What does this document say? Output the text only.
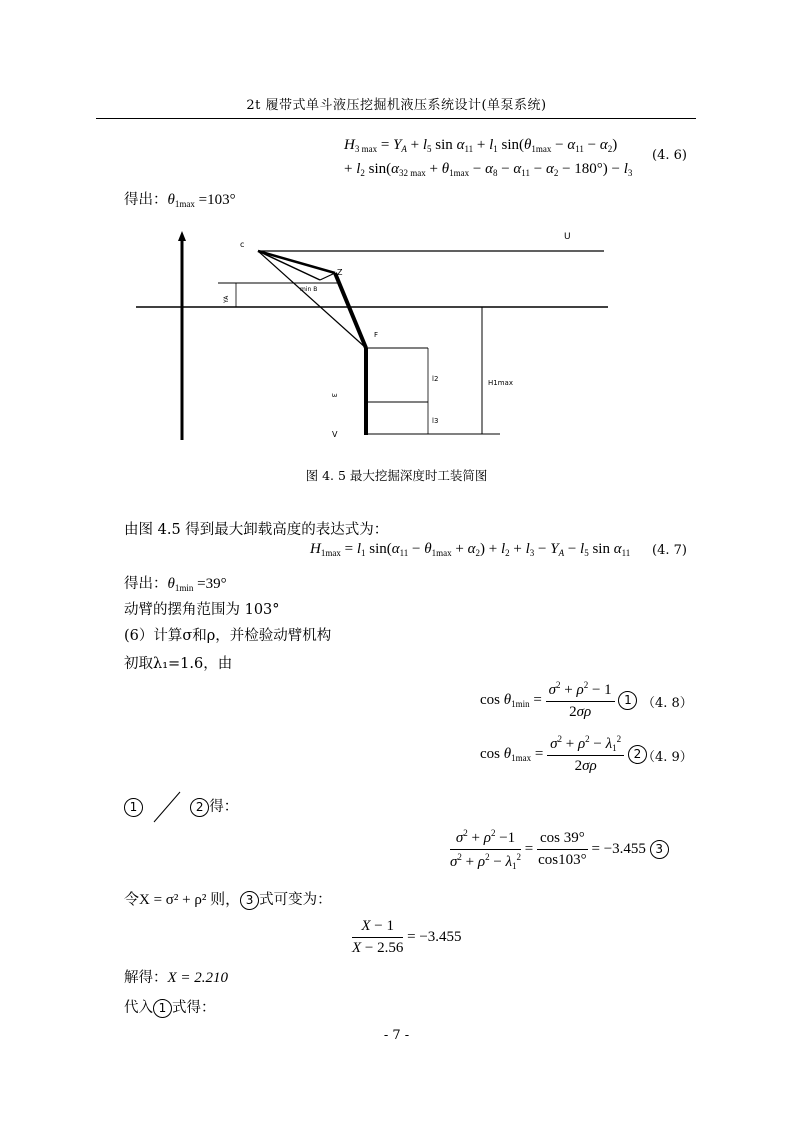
2t 履带式单斗液压挖掘机液压系统设计(单泵系统)
$H_{3 max} = Y_A + l_5$ $\sin \alpha_{11} + l_1$ $\sin(\theta_{1max} - \alpha_{11} - \alpha_2)$
+ $l_2$ $\sin(\alpha_{32 max} + \theta_{1max} - \alpha_8 - \alpha_{11} - \alpha_2 - 180^\circ) - l_3$
(4. 6)
得出：$\theta_{1max} =103^\circ$
c
U
Z
YA
min B
F
l2	H1max
3
l3
V
图 4. 5 最大挖掘深度时工装简图
由图 4.5 得到最大卸载高度的表达式为：
$H_{1max} = l_1$ $\sin(\alpha_{11} - \theta_{1max} + \alpha_2) + l_2 + l_3 - Y_A - l_5$ $\sin \alpha_{11}$ (4. 7)
得出：$\theta_{1min} =39^\circ$
动臂的摆角范围为 103°
(6）计算σ和ρ，并检验动臂机构
初取λ₁=1.6，由
$\cos \theta_{1min} = \frac{\sigma^2 + \rho^2 - 1}{2\sigma\rho} 1$ （4. 8）
$\cos \theta_{1max} = \frac{\sigma^2 + \rho^2 - \lambda_1^2}{2\sigma\rho} 2$ （4. 9）
1	2 得：
$\frac{\sigma^2 + \rho^2 -1}{\sigma^2 + \rho^2 - \lambda_1^2} = \frac{\cos 39^\circ}{\cos 103^\circ} = -3.455$ 3
令X = σ² + ρ² 则， 3 式可变为：
$\frac{X - 1}{X - 2.56} = -3.455$
解得：X = 2.210
代入 1 式得：
- 7 -
